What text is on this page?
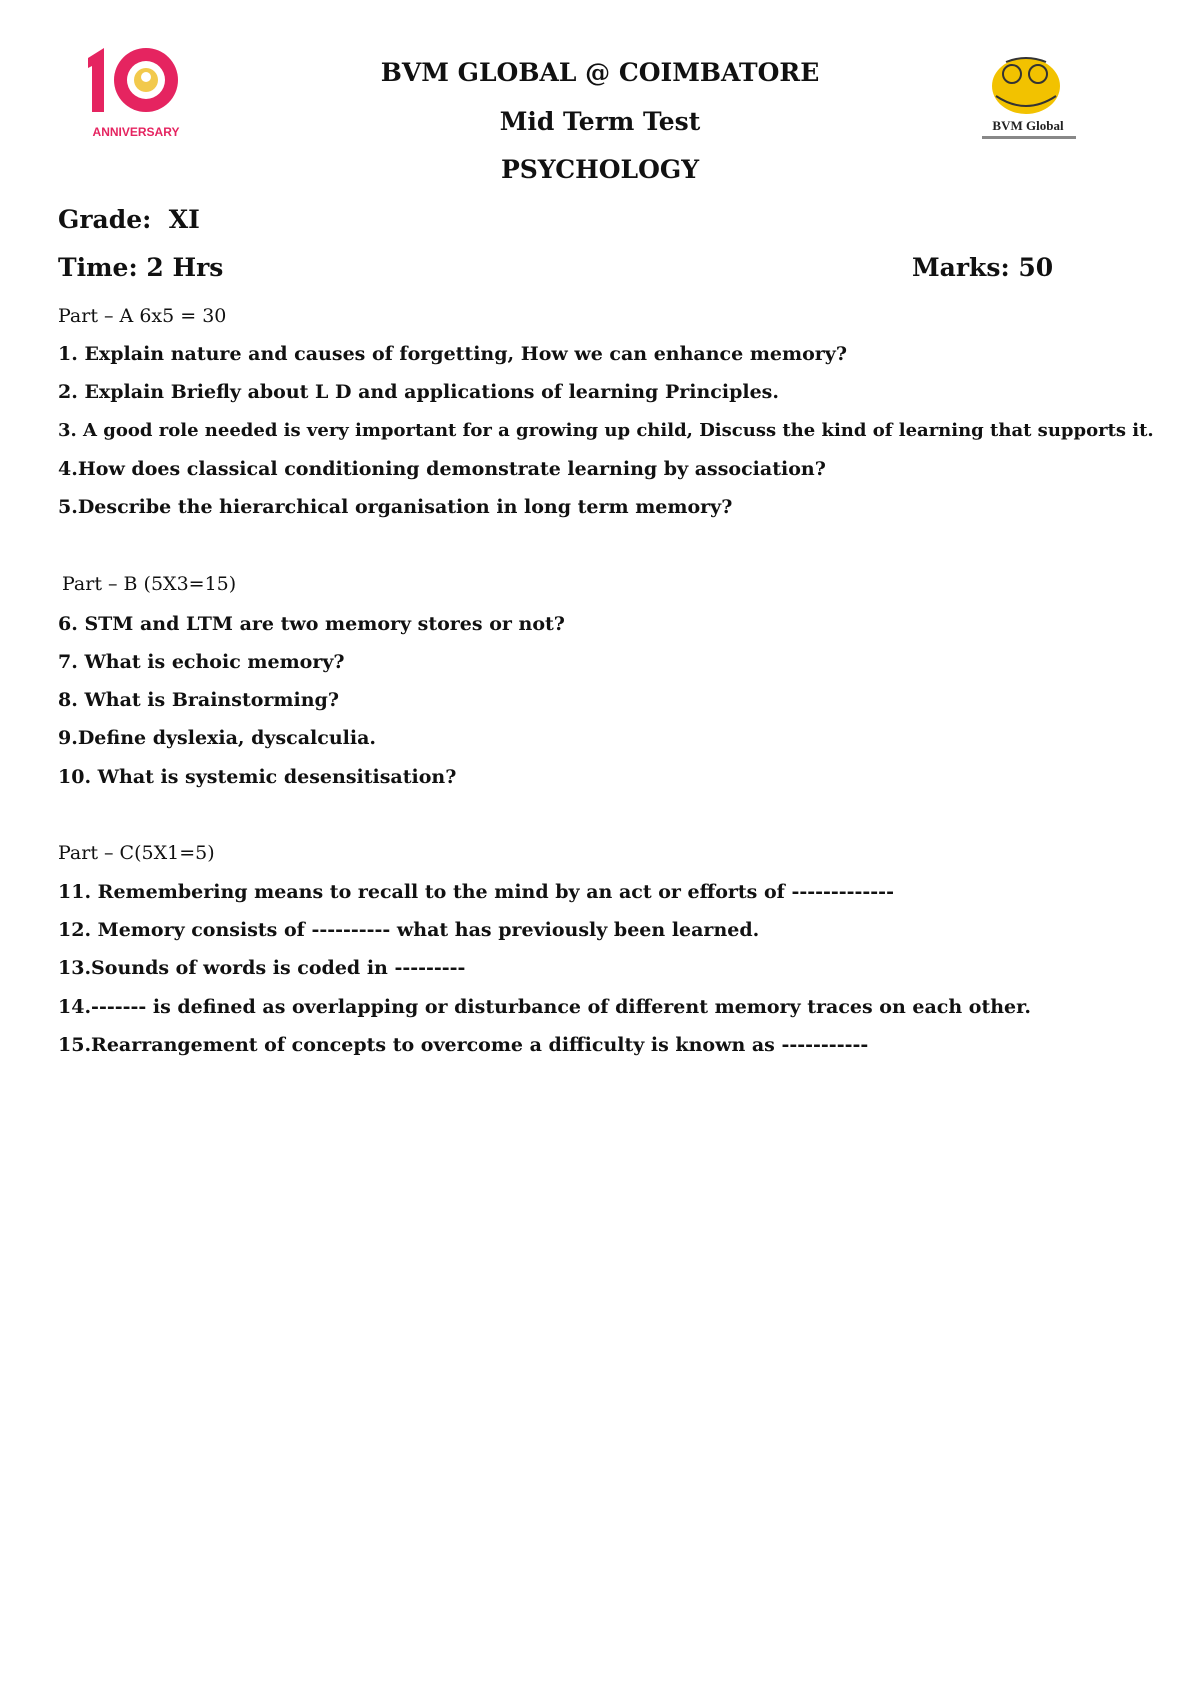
ANNIVERSARY	BVM Global
BVM GLOBAL @ COIMBATORE
Mid Term Test
PSYCHOLOGY
Grade:  XI
Time: 2 Hrs	Marks: 50
Part – A 6x5 = 30
1. Explain nature and causes of forgetting, How we can enhance memory?
2. Explain Briefly about L D and applications of learning Principles.
3. A good role needed is very important for a growing up child, Discuss the kind of learning that supports it.
4.How does classical conditioning demonstrate learning by association?
5.Describe the hierarchical organisation in long term memory?
Part – B (5X3=15)
6. STM and LTM are two memory stores or not?
7. What is echoic memory?
8. What is Brainstorming?
9.Define dyslexia, dyscalculia.
10. What is systemic desensitisation?
Part – C(5X1=5)
11. Remembering means to recall to the mind by an act or efforts of -------------
12. Memory consists of ---------- what has previously been learned.
13.Sounds of words is coded in ---------
14.------- is defined as overlapping or disturbance of different memory traces on each other.
15.Rearrangement of concepts to overcome a difficulty is known as -----------
